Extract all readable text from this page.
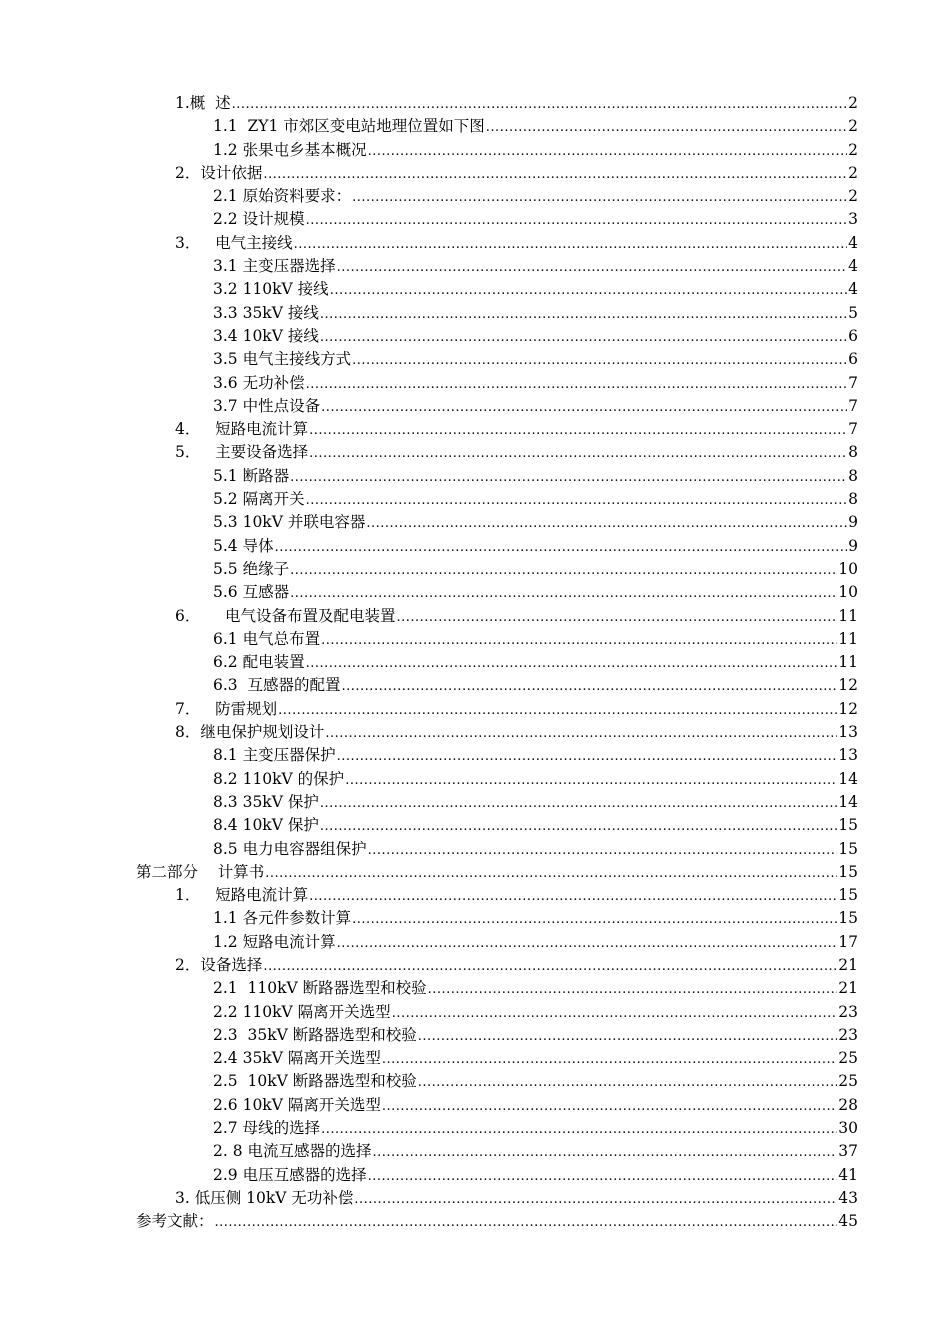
1.概  述 .....	2
1.1  ZY1 市郊区变电站地理位置如下图 .....	2
1.2 张果屯乡基本概况 .....	2
2．设计依据 .....	2
2.1 原始资料要求： .....	2
2.2 设计规模 .....	3
3．   电气主接线 .....	4
3.1 主变压器选择 .....	4
3.2 110kV 接线 .....	4
3.3 35kV 接线 .....	5
3.4 10kV 接线 .....	6
3.5 电气主接线方式 .....	6
3.6 无功补偿 .....	7
3.7 中性点设备 .....	7
4．   短路电流计算 .....	7
5．   主要设备选择 .....	8
5.1 断路器 .....	8
5.2 隔离开关 .....	8
5.3 10kV 并联电容器 .....	9
5.4 导体 .....	9
5.5 绝缘子 .....	10
5.6 互感器 .....	10
6．     电气设备布置及配电装置 .....	11
6.1 电气总布置 .....	11
6.2 配电装置 .....	11
6.3  互感器的配置 .....	12
7．   防雷规划 .....	12
8．继电保护规划设计 .....	13
8.1 主变压器保护 .....	13
8.2 110kV 的保护 .....	14
8.3 35kV 保护 .....	14
8.4 10kV 保护 .....	15
8.5 电力电容器组保护 .....	15
第二部分    计算书 .....	15
1．   短路电流计算 .....	15
1.1 各元件参数计算 .....	15
1.2 短路电流计算 .....	17
2．设备选择 .....	21
2.1  110kV 断路器选型和校验 .....	21
2.2 110kV 隔离开关选型 .....	23
2.3  35kV 断路器选型和校验 .....	23
2.4 35kV 隔离开关选型 .....	25
2.5  10kV 断路器选型和校验 .....	25
2.6 10kV 隔离开关选型 .....	28
2.7 母线的选择 .....	30
2. 8 电流互感器的选择 .....	37
2.9 电压互感器的选择 .....	41
3. 低压侧 10kV 无功补偿 .....	43
参考文献： .....	45
